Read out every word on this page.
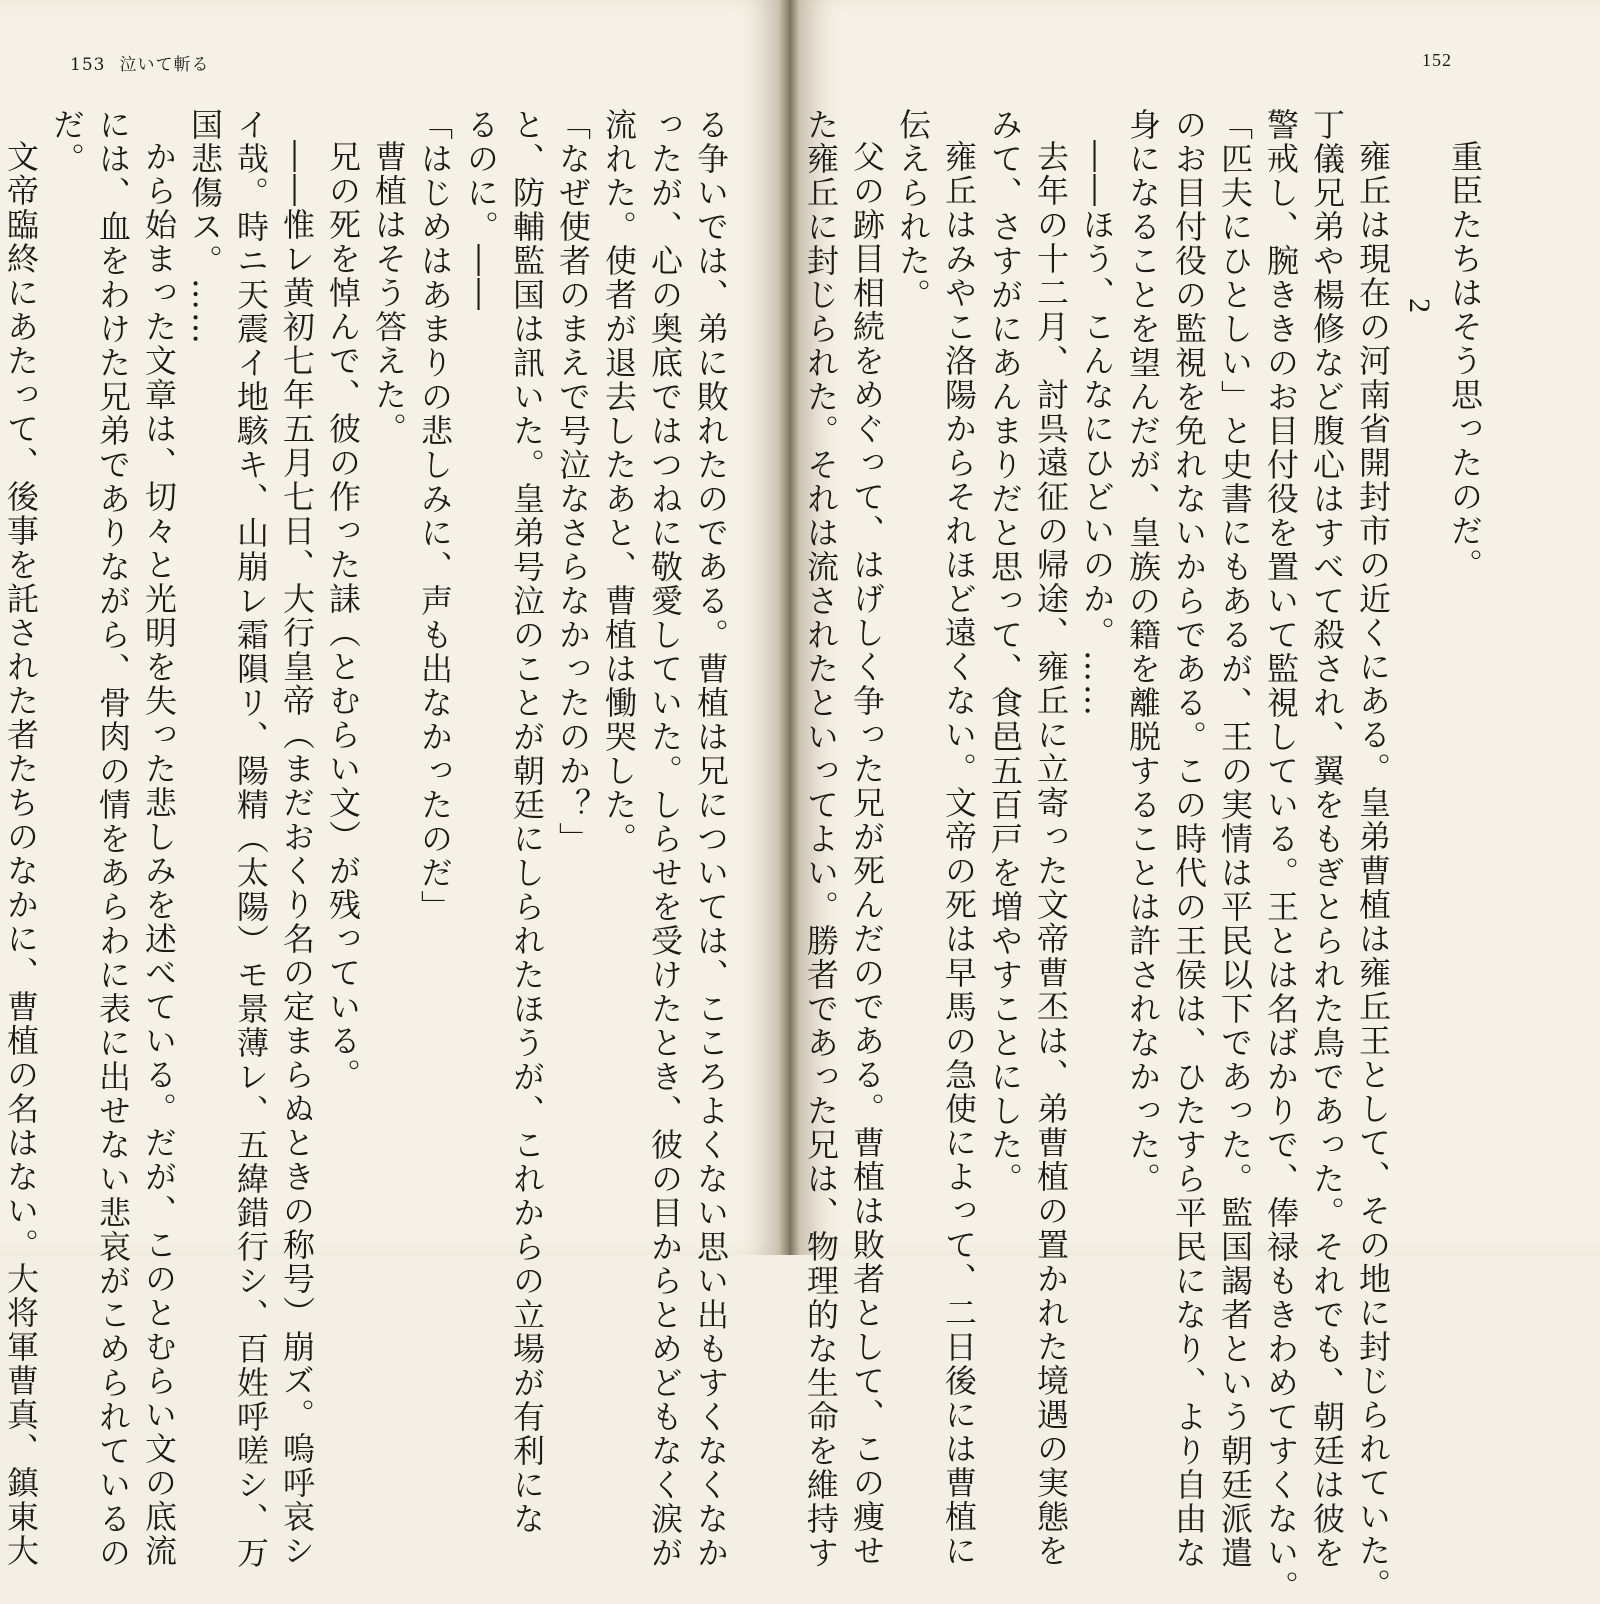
153 泣いて斬る
る争いでは、弟に敗れたのである。曹植は兄については、こころよくない思い出もすくなくなか
ったが、心の奥底ではつねに敬愛していた。しらせを受けたとき、彼の目からとめどもなく涙が
流れた。使者が退去したあと、曹植は慟哭した。
「なぜ使者のまえで号泣なさらなかったのか？」
と、防輔監国は訊いた。皇弟号泣のことが朝廷にしられたほうが、これからの立場が有利にな
るのに。――
「はじめはあまりの悲しみに、声も出なかったのだ」
曹植はそう答えた。
兄の死を悼んで、彼の作った誄（とむらい文）が残っている。
――惟レ黄初七年五月七日、大行皇帝（まだおくり名の定まらぬときの称号）崩ズ。嗚呼哀シ
イ哉。時ニ天震イ地駭キ、山崩レ霜隕リ、陽精（太陽）モ景薄レ、五緯錯行シ、百姓呼嗟シ、万
国悲傷ス。……
から始まった文章は、切々と光明を失った悲しみを述べている。だが、このとむらい文の底流
には、血をわけた兄弟でありながら、骨肉の情をあらわに表に出せない悲哀がこめられているの
だ。
文帝臨終にあたって、後事を託された者たちのなかに、曹植の名はない。大将軍曹真、鎮東大
152
重臣たちはそう思ったのだ。
2
雍丘は現在の河南省開封市の近くにある。皇弟曹植は雍丘王として、その地に封じられていた。
丁儀兄弟や楊修など腹心はすべて殺され、翼をもぎとられた鳥であった。それでも、朝廷は彼を
警戒し、腕ききのお目付役を置いて監視している。王とは名ばかりで、俸禄もきわめてすくない。
「匹夫にひとしい」と史書にもあるが、王の実情は平民以下であった。監国謁者という朝廷派遣
のお目付役の監視を免れないからである。この時代の王侯は、ひたすら平民になり、より自由な
身になることを望んだが、皇族の籍を離脱することは許されなかった。
――ほう、こんなにひどいのか。……
去年の十二月、討呉遠征の帰途、雍丘に立寄った文帝曹丕は、弟曹植の置かれた境遇の実態を
みて、さすがにあんまりだと思って、食邑五百戸を増やすことにした。
雍丘はみやこ洛陽からそれほど遠くない。文帝の死は早馬の急使によって、二日後には曹植に
伝えられた。
父の跡目相続をめぐって、はげしく争った兄が死んだのである。曹植は敗者として、この痩せ
た雍丘に封じられた。それは流されたといってよい。勝者であった兄は、物理的な生命を維持す
